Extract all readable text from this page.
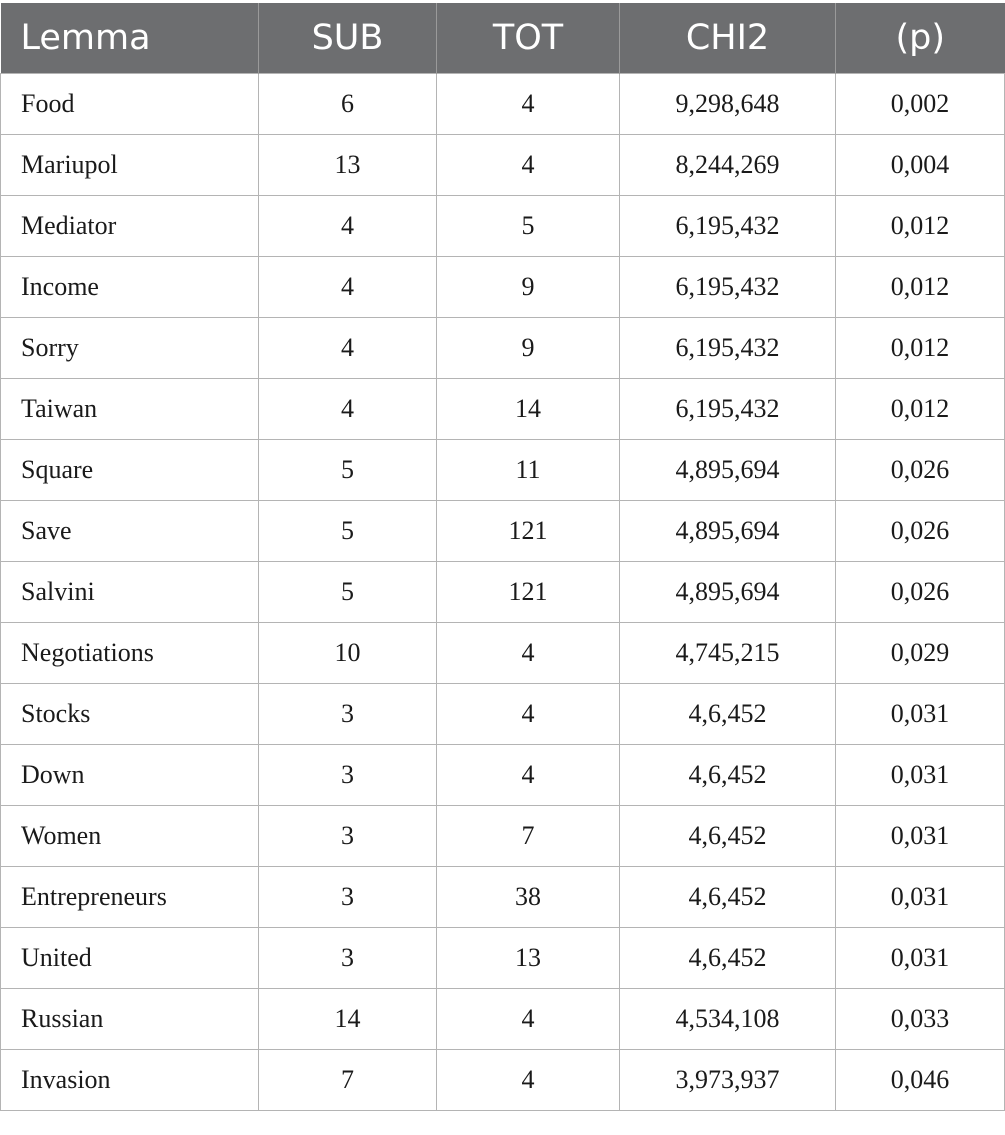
Lemma	SUB	TOT	CHI2	(p)
Food	6	4	9,298,648	0,002
Mariupol	13	4	8,244,269	0,004
Mediator	4	5	6,195,432	0,012
Income	4	9	6,195,432	0,012
Sorry	4	9	6,195,432	0,012
Taiwan	4	14	6,195,432	0,012
Square	5	11	4,895,694	0,026
Save	5	121	4,895,694	0,026
Salvini	5	121	4,895,694	0,026
Negotiations	10	4	4,745,215	0,029
Stocks	3	4	4,6,452	0,031
Down	3	4	4,6,452	0,031
Women	3	7	4,6,452	0,031
Entrepreneurs	3	38	4,6,452	0,031
United	3	13	4,6,452	0,031
Russian	14	4	4,534,108	0,033
Invasion	7	4	3,973,937	0,046
